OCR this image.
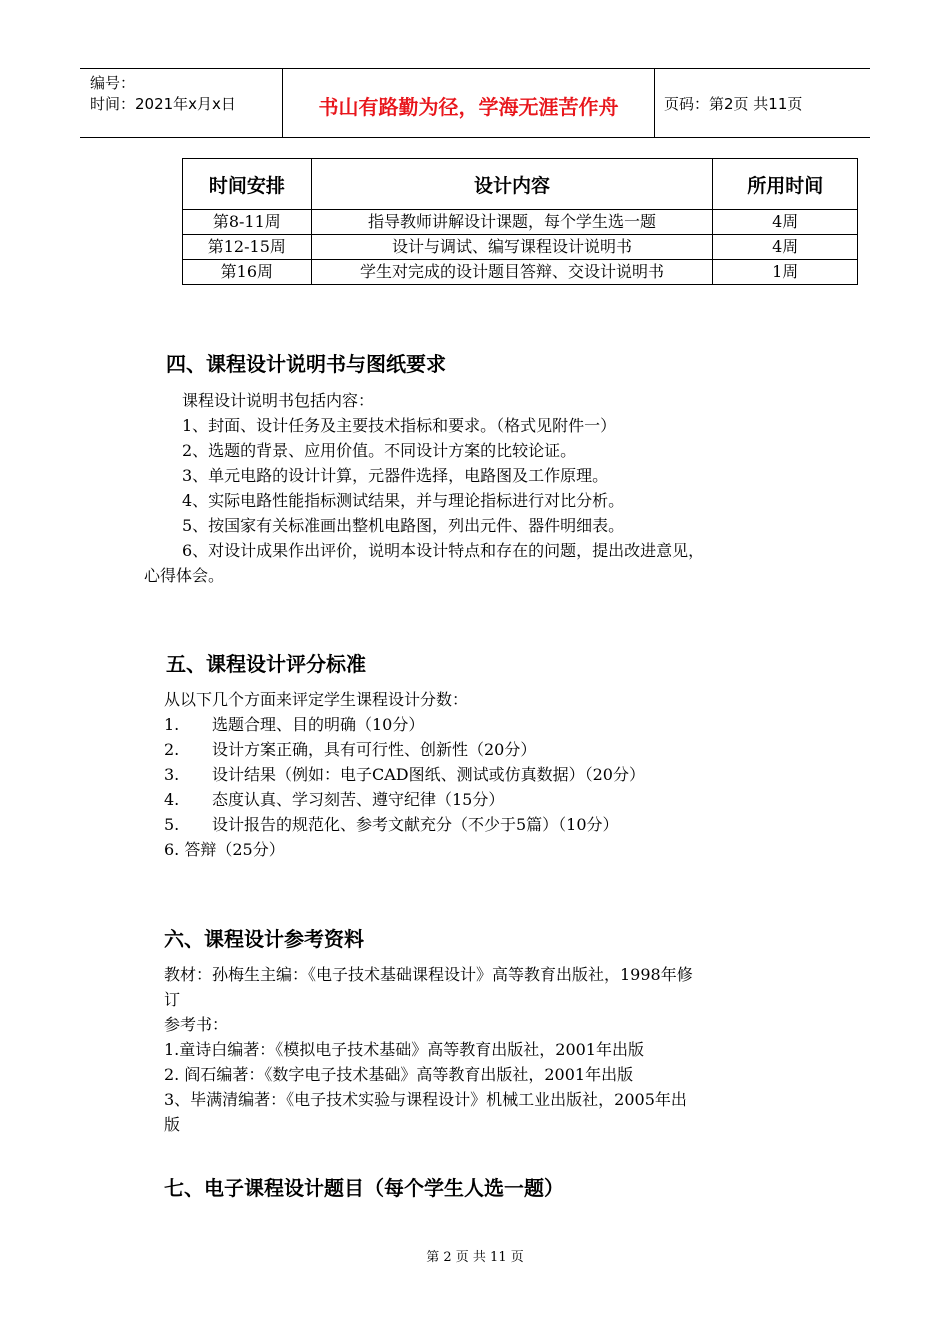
编号：
时间：2021年x月x日	书山有路勤为径，学海无涯苦作舟	页码：第2页 共11页
时间安排	设计内容	所用时间
第8-11周	指导教师讲解设计课题，每个学生选一题	4周
第12-15周	设计与调试、编写课程设计说明书	4周
第16周	学生对完成的设计题目答辩、交设计说明书	1周
四、课程设计说明书与图纸要求
课程设计说明书包括内容：
1、封面、设计任务及主要技术指标和要求。（格式见附件一）
2、选题的背景、应用价值。不同设计方案的比较论证。
3、单元电路的设计计算，元器件选择，电路图及工作原理。
4、实际电路性能指标测试结果，并与理论指标进行对比分析。
5、按国家有关标准画出整机电路图，列出元件、器件明细表。
6、对设计成果作出评价，说明本设计特点和存在的问题，提出改进意见，
心得体会。
五、课程设计评分标准
从以下几个方面来评定学生课程设计分数：
1. 选题合理、目的明确（10分）
2. 设计方案正确，具有可行性、创新性（20分）
3. 设计结果（例如：电子CAD图纸、测试或仿真数据）（20分）
4. 态度认真、学习刻苦、遵守纪律（15分）
5. 设计报告的规范化、参考文献充分（不少于5篇）（10分）
6. 答辩（25分）
六、课程设计参考资料
教材：孙梅生主编：《电子技术基础课程设计》高等教育出版社，1998年修
订
参考书：
1.童诗白编著：《模拟电子技术基础》高等教育出版社，2001年出版
2. 阎石编著：《数字电子技术基础》高等教育出版社，2001年出版
3、毕满清编著：《电子技术实验与课程设计》机械工业出版社，2005年出
版
七、电子课程设计题目（每个学生人选一题）
第 2 页 共 11 页
